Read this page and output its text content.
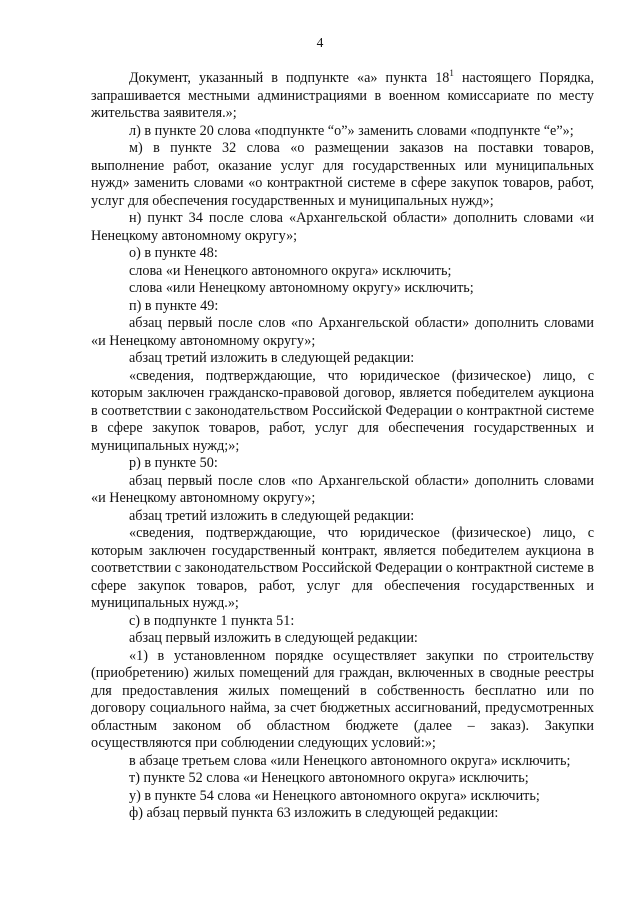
4

Документ, указанный в подпункте «а» пункта $18^1$ настоящего Порядка, запрашивается местными администрациями в военном комиссариате по месту жительства заявителя.»;

л) в пункте 20 слова «подпункте “о”» заменить словами «подпункте “е”»;

м) в пункте 32 слова «о размещении заказов на поставки товаров, выполнение работ, оказание услуг для государственных или муниципальных нужд» заменить словами «о контрактной системе в сфере закупок товаров, работ, услуг для обеспечения государственных и муниципальных нужд»;

н) пункт 34 после слова «Архангельской области» дополнить словами «и Ненецкому автономному округу»;

о) в пункте 48:

слова «и Ненецкого автономного округа» исключить;

слова «или Ненецкому автономному округу» исключить;

п) в пункте 49:

абзац первый после слов «по Архангельской области» дополнить словами «и Ненецкому автономному округу»;

абзац третий изложить в следующей редакции:

«сведения, подтверждающие, что юридическое (физическое) лицо, с которым заключен гражданско-правовой договор, является победителем аукциона в соответствии с законодательством Российской Федерации о контрактной системе в сфере закупок товаров, работ, услуг для обеспечения государственных и муниципальных нужд;»;

р) в пункте 50:

абзац первый после слов «по Архангельской области» дополнить словами «и Ненецкому автономному округу»;

абзац третий изложить в следующей редакции:

«сведения, подтверждающие, что юридическое (физическое) лицо, с которым заключен государственный контракт, является победителем аукциона в соответствии с законодательством Российской Федерации о контрактной системе в сфере закупок товаров, работ, услуг для обеспечения государственных и муниципальных нужд.»;

с) в подпункте 1 пункта 51:

абзац первый изложить в следующей редакции:

«1) в установленном порядке осуществляет закупки по строительству (приобретению) жилых помещений для граждан, включенных в сводные реестры для предоставления жилых помещений в собственность бесплатно или по договору социального найма, за счет бюджетных ассигнований, предусмотренных областным законом об областном бюджете (далее – заказ). Закупки осуществляются при соблюдении следующих условий:»;

в абзаце третьем слова «или Ненецкого автономного округа» исключить;

т) пункте 52 слова «и Ненецкого автономного округа» исключить;

у) в пункте 54 слова «и Ненецкого автономного округа» исключить;

ф) абзац первый пункта 63 изложить в следующей редакции:
